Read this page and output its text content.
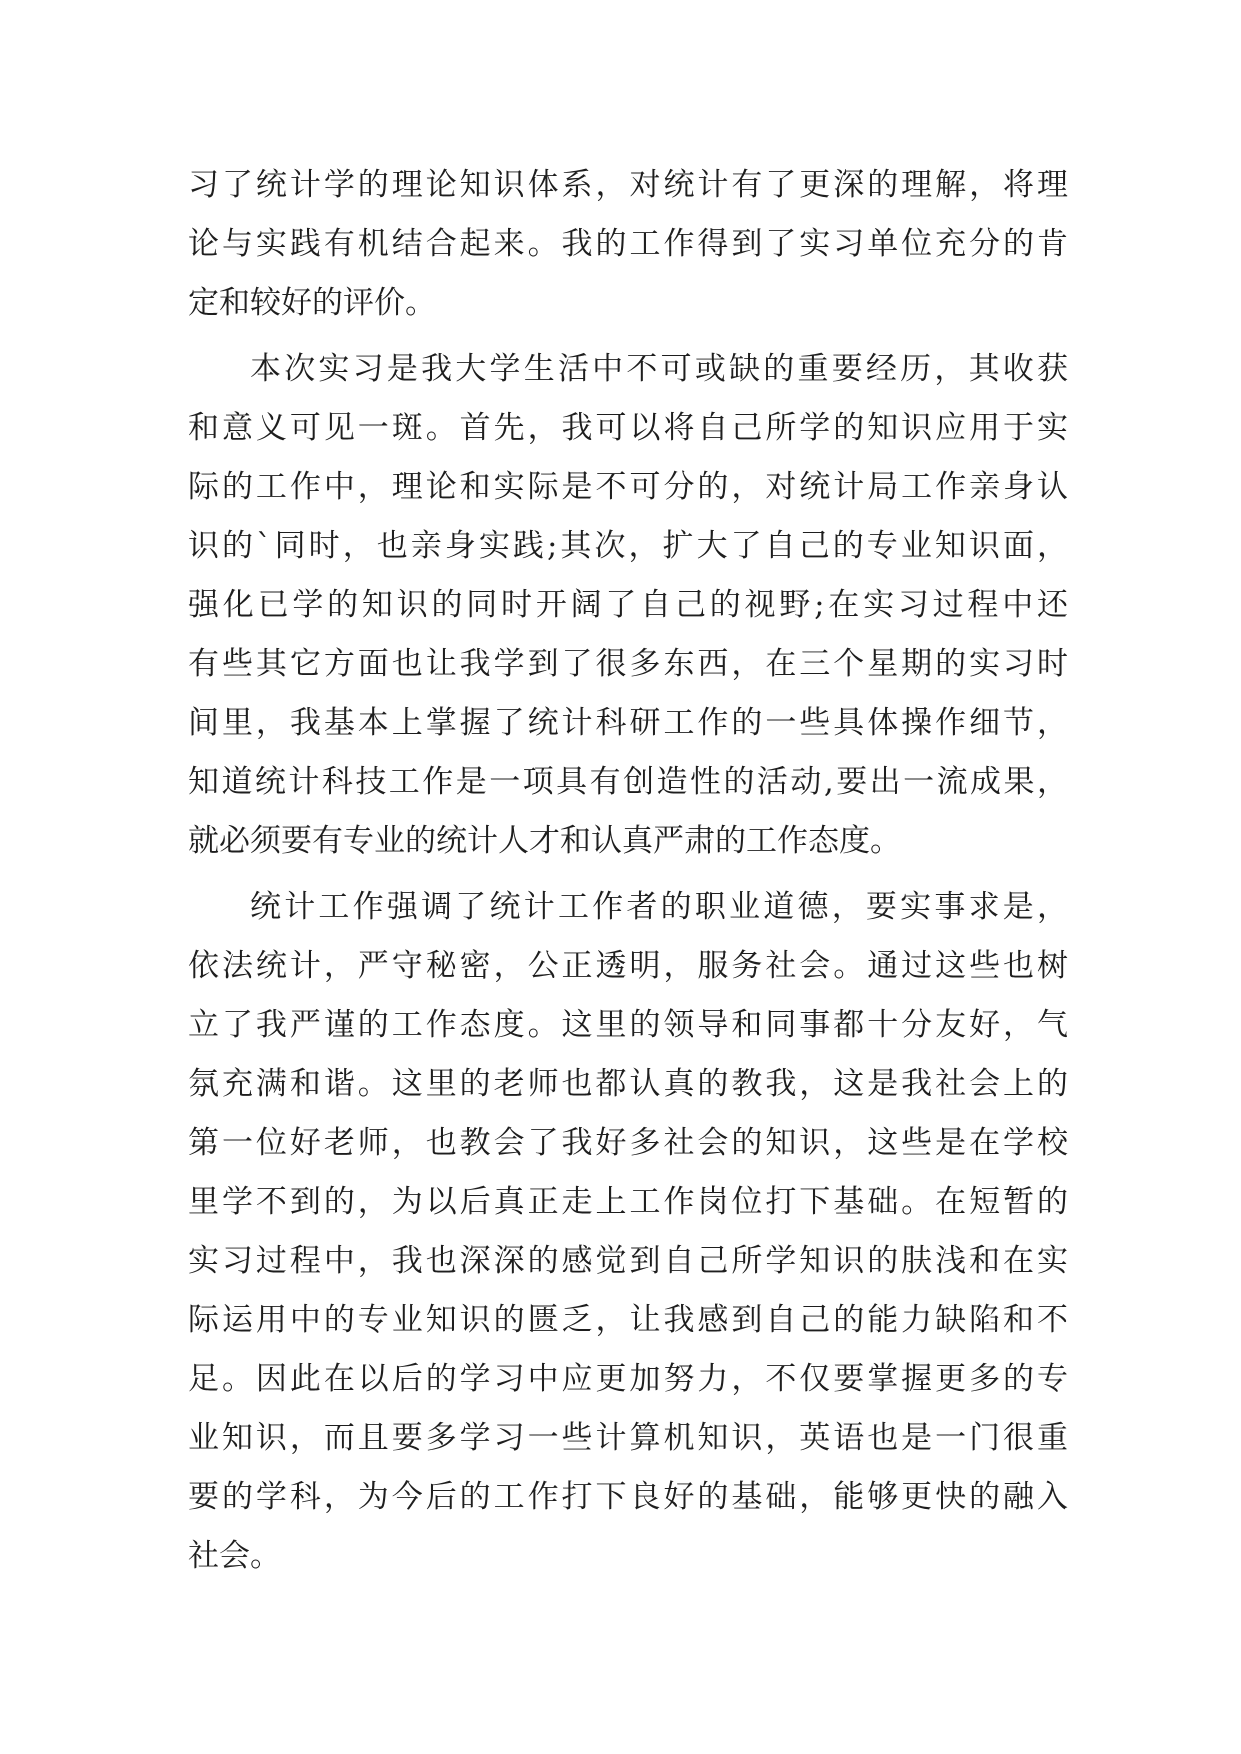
习了统计学的理论知识体系，对统计有了更深的理解，将理
论与实践有机结合起来。我的工作得到了实习单位充分的肯
定和较好的评价。
本次实习是我大学生活中不可或缺的重要经历，其收获
和意义可见一斑。首先，我可以将自己所学的知识应用于实
际的工作中，理论和实际是不可分的，对统计局工作亲身认
识的`同时，也亲身实践;其次，扩大了自己的专业知识面，
强化已学的知识的同时开阔了自己的视野;在实习过程中还
有些其它方面也让我学到了很多东西，在三个星期的实习时
间里，我基本上掌握了统计科研工作的一些具体操作细节，
知道统计科技工作是一项具有创造性的活动,要出一流成果，
就必须要有专业的统计人才和认真严肃的工作态度。
统计工作强调了统计工作者的职业道德，要实事求是，
依法统计，严守秘密，公正透明，服务社会。通过这些也树
立了我严谨的工作态度。这里的领导和同事都十分友好，气
氛充满和谐。这里的老师也都认真的教我，这是我社会上的
第一位好老师，也教会了我好多社会的知识，这些是在学校
里学不到的，为以后真正走上工作岗位打下基础。在短暂的
实习过程中，我也深深的感觉到自己所学知识的肤浅和在实
际运用中的专业知识的匮乏，让我感到自己的能力缺陷和不
足。因此在以后的学习中应更加努力，不仅要掌握更多的专
业知识，而且要多学习一些计算机知识，英语也是一门很重
要的学科，为今后的工作打下良好的基础，能够更快的融入
社会。
